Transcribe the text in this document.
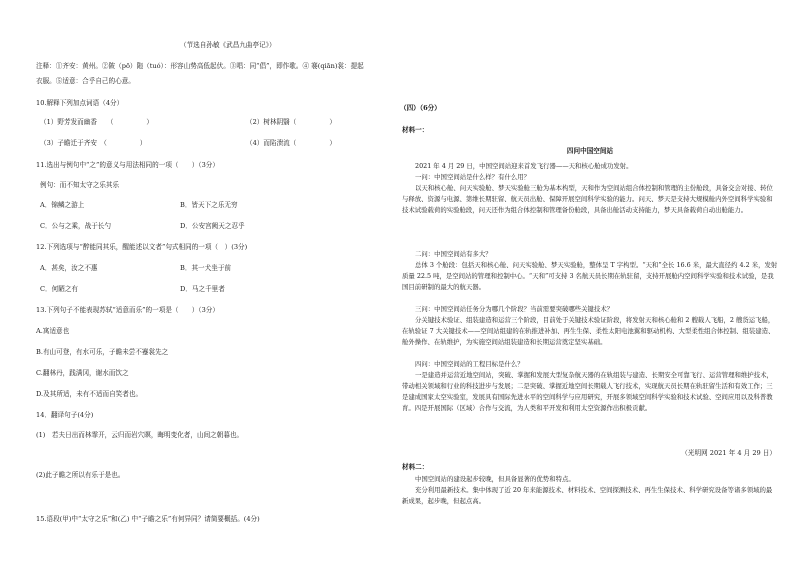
（节选自孙敏《武昌九曲亭记》）
注释：①齐安：黄州。②陂（pō）陁（tuó）：形容山势高低起伏。③唱：同“倡”，即作歌。④ 褰(qiān)裳：提起
衣服。⑤适意：合乎自己的心意。
10.解释下列加点词语（4分）
（1）野芳发而幽香　　（　　　　　）	（2）树林阴翳（　　　　　）
（3）子瞻迁于齐安　（　　　　　）	（4）而陷溃流（　　　　　）
11.选出与例句中“之”的意义与用法相同的一项（　　）（3分）
例句：而不知太守之乐其乐
A．锦鳞之游上	B．皆天下之乐无穷
C．公与之乘，战于长勺	D．公安宫阙天之忍乎
12.下列选项与“醉能同其乐，醒能述以文者”句式相同的一项（　）(3分)
A．甚矣，汝之不惠	B．其一犬坐于前
C．何陋之有	D．马之千里者
13.下列句子不能表现苏轼“适意而乐”的一项是（　　）（3分）
A.寓适意也
B.有山可登，有水可乐，子瞻未尝不蹇裳先之
C.翻林丹，践满冈，谢水而饮之
D.及其所适，未有不适而自笑者也。
14．翻译句子(4分)
(1)　若夫日出而林霏开，云归而岩穴暝，晦明变化者，山间之朝暮也。
(2)此子瞻之所以有乐于是也。
15.语段(甲)中“太守之乐”和(乙) 中“子瞻之乐”有何异同？请简要概括。(4分)
（四）（6分）
材料一：
四问中国空间站
2021 年 4 月 29 日，中国空间站迎来首发飞行器——天和核心舱成功发射。
一问：中国空间站是什么样？有什么用？
以天和核心舱、问天实验舱、梦天实验舱三舱为基本构型，天和作为空间站组合体控制和管理的主份舱段，具备交会对接、转位与释放、资源与电源、第维长期驻留、航天员出舱、保障开展空间科学实验的能力。问天、梦天是支持大规模舱内外空间科学实验和技术试验载荷的实验舱段，问天还作为组合体控制和管理备份舱段，具备出舱活动支持能力，梦天具备载荷自动出舱能力。
二问：中国空间站有多大？
总体 3 个舱段：包括天和核心舱、问天实验舱、梦天实验舱，整体呈 T 字构型。“天和”全长 16.6 米，最大直径约 4.2 米，发射质量 22.5 吨，是空间站的管理和控制中心。“天和”可支持 3 名航天员长期在轨驻留，支持开展舱内空间科学实验和技术试验，是我国目前研制的最大的航天器。
三问：中国空间站任务分为哪几个阶段？当前需要突破哪些关键技术？
分关键技术验证、组装建造和运营三个阶段，目前处于关键技术验证阶段，将发射天和核心舱和 2 艘载人飞船，2 艘货运飞船，在轨验证 7 大关键技术——空间站组建的在轨推进补加、再生生保、柔性太阳电池翼和驱动机构、大型柔性组合体控制、组装建造、舱外操作、在轨维护，为实施空间站组装建造和长期运营奠定坚实基础。
四问：中国空间站的工程目标是什么？
一是建造并运营近地空间站，突破、掌握和发展大型复杂航天器的在轨组装与建造、长期安全可靠飞行、运营管理和维护技术，带动相关领域和行业的科技进步与发展；二是突破、掌握近地空间长期载人飞行技术，实现航天员长期在轨驻留生活和有效工作；三是建成国家太空实验室，发展具有国际先进水平的空间科学与应用研究，开展多领域空间科学实验和技术试验、空间应用以及科普教育。四是开展国际（区域）合作与交流，为人类和平开发和利用太空资源作出积极贡献。
（光明网 2021 年 4 月 29 日）
材料二：
中国空间站的建设起步较晚，但具备显著的优势和特点。
充分利用最新技术。集中体现了近 20 年来能源技术、材料技术、空间探测技术、再生生保技术、科学研究设备等诸多领域的最新成果，起步晚，但起点高。
